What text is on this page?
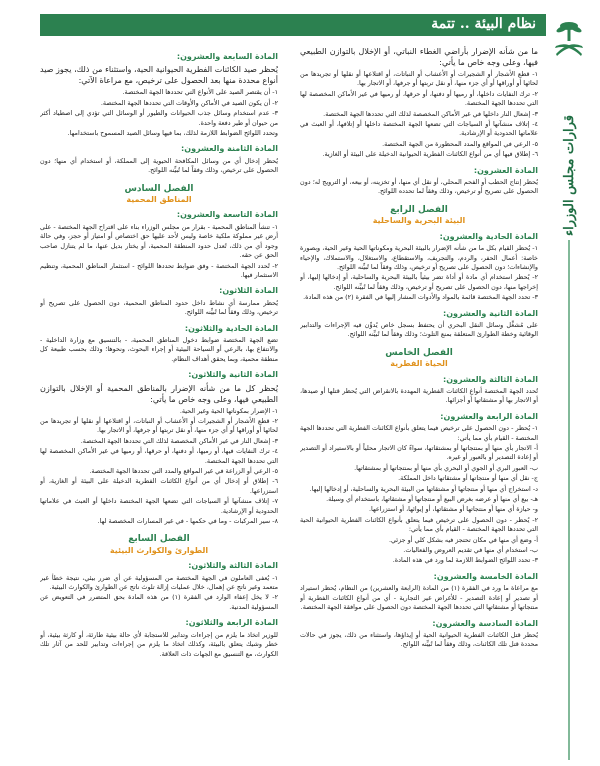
قرارات مجلس الوزراء
نظام البيئة .. تتمة
ما من شأنه الإضرار بأراضي الغطاء النباتي، أو الإخلال بالتوازن الطبيعي فيها، وعلى وجه خاص ما يأتي:
١- قطع الأشجار أو الشجيرات أو الأعشاب أو النباتات، أو اقتلاعها أو نقلها أو تجريدها من لحائها أو أوراقها أو أي جزء منها، أو نقل تربتها أو جرفها، أو الاتجار بها.
٢- ترك النفايات داخلها، أو رميها أو دفنها، أو حرقها، أو رميها في غير الأماكن المخصصة لها التي تحددها الجهة المختصة.
٣- إشعال النار داخلها في غير الأماكن المخصصة لذلك التي تحددها الجهة المختصة.
٤- إتلاف منشآتها أو السياجات التي تضعها الجهة المختصة داخلها أو إتلافها، أو العبث في علاماتها الحدودية أو الإرشادية.
٥- الرعي في المواقع والمدد المحظورة من الجهة المختصة.
٦- إطلاق فيها أي من أنواع الكائنات الفطرية الحيوانية الدخيلة على البيئة أو الغازية.
المادة العشرون:
يُحظر إنتاج الحطب أو الفحم المحلي، أو نقل أي منها، أو تخزينه، أو بيعه، أو الترويج له؛ دون الحصول على تصريح أو ترخيص، وذلك وفقاً لما تحدده اللوائح.
الفصل الرابع
البيئة البحرية والساحلية
المادة الحادية والعشرون:
١- يُحظر القيام بكل ما من شأنه الإضرار بالبيئة البحرية ومكوناتها الحية وغير الحية، وبصورة خاصة: أعمال الحفر، والردم، والتجريف، والاستقطاع، والاستغلال، والاستملاك، والإحياء والإنشاءات؛ دون الحصول على تصريح أو ترخيص، وذلك وفقاً لما تُبيِّنه اللوائح.
٢- يُحظر استخدام أي مادة أو أداة تضر بيئياً بالبيئة البحرية والساحلية، أو إدخالها إليها، أو إخراجها منها، دون الحصول على تصريح أو ترخيص، وذلك وفقاً لما تُبيِّنه اللوائح.
٣- تحدد الجهة المختصة قائمة بالمواد والأدوات المشار إليها في الفقرة (٢) من هذه المادة.
المادة الثانية والعشرون:
على مُشغِّل وسائل النقل البحري أن يحتفظ بسجل خاص يُدوِّن فيه الإجراءات والتدابير الوقائية وخطة الطوارئ المتعلقة بمنع التلوث؛ وذلك وفقاً لما تُبيِّنه اللوائح.
الفصل الخامس
الحياة الفطرية
المادة الثالثة والعشرون:
تُحدد الجهة المختصة أنواع الكائنات الفطرية المهددة بالانقراض التي يُحظر قتلها أو صيدها، أو الاتجار بها أو مشتقاتها أو أجزائها.
المادة الرابعة والعشرون:
١- يُحظر - دون الحصول على ترخيص فيما يتعلق بأنواع الكائنات الفطرية التي تحددها الجهة المختصة - القيام بأي مما يأتي:
أ- الاتجار بأي منها أو بمنتجاتها أو بمشتقاتها، سواءً كان الاتجار محلياً أو بالاستيراد أو التصدير أو إعادة التصدير أو بالعبور أو غيره.
ب- العبور البري أو الجوي أو البحري بأي منها أو بمنتجاتها أو بمشتقاتها.
ج- نقل أي منها أو منتجاتها أو مشتقاتها داخل المملكة.
د- استخراج أي منها أو منتجاتها أو مشتقاتها من البيئة البحرية والساحلية، أو إدخالها إليها.
هـ- بيع أي منها أو عرضه بغرض البيع أو منتجاتها أو مشتقاتها، باستخدام أي وسيلة.
و- حيازة أي منها أو منتجاتها أو مشتقاتها، أو إيوائها، أو استزراعها.
٢- يُحظر - دون الحصول على ترخيص فيما يتعلق بأنواع الكائنات الفطرية الحيوانية الحية التي تحددها الجهة المختصة - القيام بأي مما يأتي:
أ- وضع أي منها في مكان تحتجز فيه بشكل كلي أو جزئي.
ب- استخدام أي منها في تقديم العروض والفعاليات.
٣- تحدد اللوائح الضوابط اللازمة لما ورد في هذه المادة.
المادة الخامسة والعشرون:
مع مراعاة ما ورد في الفقرة (١) من المادة (الرابعة والعشرين) من النظام، يُحظر استيراد أو تصدير أو إعادة التصدير - للأغراض غير التجارية - أي من أنواع الكائنات الفطرية أو منتجاتها أو مشتقاتها التي تحددها الجهة المختصة دون الحصول على موافقة الجهة المختصة.
المادة السادسة والعشرون:
يُحظر قتل الكائنات الفطرية الحيوانية الحية أو إيذاؤها، واستثناء من ذلك، يجوز في حالات محددة قتل تلك الكائنات، وذلك وفقاً لما تُبيِّنه اللوائح.
المادة السابعة والعشرون:
يُحظر صيد الكائنات الفطرية الحيوانية الحية، واستثناء من ذلك، يجوز صيد أنواع محددة منها بعد الحصول على ترخيص، مع مراعاة الآتي:
١- أن يقتصر الصيد على الأنواع التي تحددها الجهة المختصة.
٢- أن يكون الصيد في الأماكن والأوقات التي تحددها الجهة المختصة.
٣- عدم استخدام وسائل جذب الحيوانات والطيور أو الوسائل التي تؤدي إلى اصطياد أكثر من حيوان أو طير دفعة واحدة.
وتحدد اللوائح الضوابط اللازمة لذلك، بما فيها وسائل الصيد المسموح باستخدامها.
المادة الثامنة والعشرون:
يُحظر إدخال أي من وسائل المكافحة الحيوية إلى المملكة، أو استخدام أي منها؛ دون الحصول على ترخيص، وذلك وفقاً لما تُبيِّنه اللوائح.
الفصل السادس
المناطق المحمية
المادة التاسعة والعشرون:
١- تنشأ المناطق المحمية - بقرار من مجلس الوزراء بناء على اقتراح الجهة المختصة - على أرض غير مملوكة ملكية خاصة وليس لأحد عليها حق اختصاص أو امتياز أو حجز، وفي حالة وجود أي من ذلك، تُعدل حدود المنطقة المحمية، أو يختار بديل عنها، ما لم يتنازل صاحب الحق عن حقه.
٢- تُحدد الجهة المختصة - وفق ضوابط تحددها اللوائح - استثمار المناطق المحمية، وتنظيم الاستثمار فيها.
المادة الثلاثون:
يُحظر ممارسة أي نشاط داخل حدود المناطق المحمية، دون الحصول على تصريح أو ترخيص، وذلك وفقاً لما تُبيِّنه اللوائح.
المادة الحادية والثلاثون:
تضع الجهة المختصة ضوابط دخول المناطق المحمية، - بالتنسيق مع وزارة الداخلية - والانتفاع بها، بالرعي أو السياحة البيئية أو إجراء البحوث، ونحوها؛ وذلك بحسب طبيعة كل منطقة محمية، وبما يحقق أهداف النظام.
المادة الثانية والثلاثون:
يُحظر كل ما من شأنه الإضرار بالمناطق المحمية أو الإخلال بالتوازن الطبيعي فيها، وعلى وجه خاص ما يأتي:
١- الإضرار بمكوناتها الحية وغير الحية.
٢- قطع الأشجار أو الشجيرات أو الأعشاب أو النباتات، أو اقتلاعها أو نقلها أو تجريدها من لحائها أو أوراقها أو أي جزء منها، أو نقل تربتها أو جرفها، أو الاتجار بها.
٣- إشعال النار في غير الأماكن المخصصة لذلك التي تحددها الجهة المختصة.
٤- ترك النفايات فيها، أو رميها، أو دفنها، أو حرقها، أو رميها في غير الأماكن المخصصة لها التي تحددها الجهة المختصة.
٥- الرعي أو الزراعة في غير المواقع والمدد التي تحددها الجهة المختصة.
٦- إطلاق أو إدخال أي من أنواع الكائنات الفطرية الدخيلة على البيئة أو الغازية، أو استزراعها.
٧- إتلاف منشآتها أو السياجات التي تضعها الجهة المختصة داخلها أو العبث في علاماتها الحدودية أو الإرشادية.
٨- سير المركبات - وما في حكمها - في غير المسارات المخصصة لها.
الفصل السابع
الطوارئ والكوارث البيئية
المادة الثالثة والثلاثون:
١- يُعفى العاملون في الجهة المختصة من المسؤولية عن أي ضرر بيئي، نتيجة خطأ غير متعمد وغير ناتج عن إهمال، خلال عمليات إزالة تلوث ناتج عن الطوارئ والكوارث البيئية.
٢- لا يخل إعفاء الوارد في الفقرة (١) من هذه المادة بحق المتضرر في التعويض عن المسؤولية المدنية.
المادة الرابعة والثلاثون:
للوزير اتخاذ ما يلزم من إجراءات وتدابير للاستجابة لأي حالة بيئية طارئة، أو كارثة بيئية، أو خطر وشيك يتعلق بالبيئة، وكذلك اتخاذ ما يلزم من إجراءات وتدابير للحد من آثار تلك الكوارث، مع التنسيق مع الجهات ذات العلاقة.
